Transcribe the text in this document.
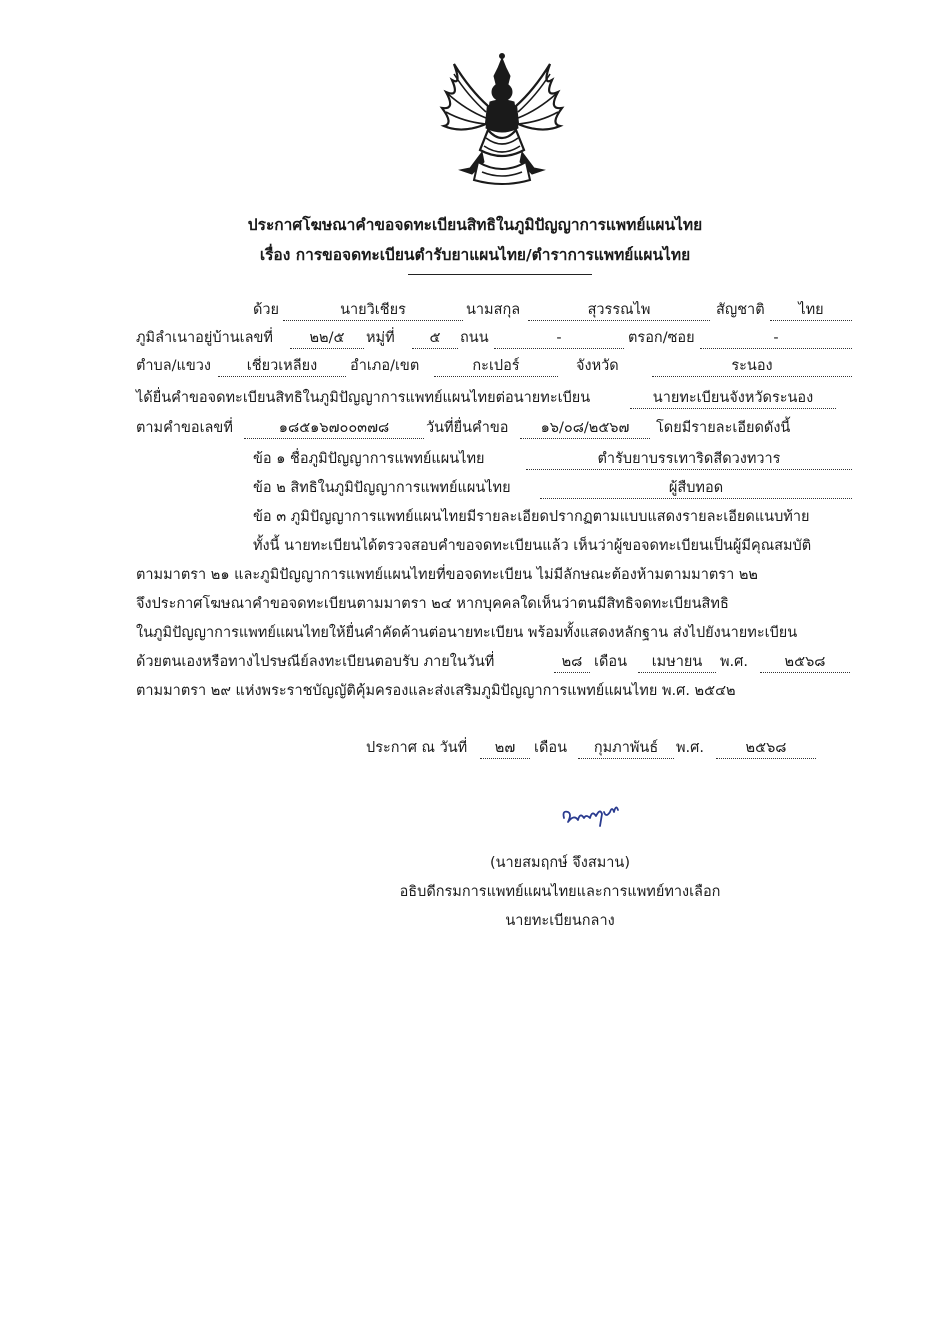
ประกาศโฆษณาคำขอจดทะเบียนสิทธิในภูมิปัญญาการแพทย์แผนไทย
เรื่อง การขอจดทะเบียนตำรับยาแผนไทย/ตำราการแพทย์แผนไทย
ด้วย	นายวิเชียร	นามสกุล	สุวรรณไพ	สัญชาติ	ไทย
ภูมิลำเนาอยู่บ้านเลขที่	๒๒/๕	หมู่ที่	๕	ถนน	-	ตรอก/ซอย	-
ตำบล/แขวง	เชี่ยวเหลียง	อำเภอ/เขต	กะเปอร์	จังหวัด	ระนอง
ได้ยื่นคำขอจดทะเบียนสิทธิในภูมิปัญญาการแพทย์แผนไทยต่อนายทะเบียน	นายทะเบียนจังหวัดระนอง
ตามคำขอเลขที่	๑๘๕๑๖๗๐๐๓๗๘	วันที่ยื่นคำขอ	๑๖/๐๘/๒๕๖๗	โดยมีรายละเอียดดังนี้
ข้อ ๑ ชื่อภูมิปัญญาการแพทย์แผนไทย	ตำรับยาบรรเทาริดสีดวงทวาร
ข้อ ๒ สิทธิในภูมิปัญญาการแพทย์แผนไทย	ผู้สืบทอด
ข้อ ๓ ภูมิปัญญาการแพทย์แผนไทยมีรายละเอียดปรากฏตามแบบแสดงรายละเอียดแนบท้าย
ทั้งนี้ นายทะเบียนได้ตรวจสอบคำขอจดทะเบียนแล้ว เห็นว่าผู้ขอจดทะเบียนเป็นผู้มีคุณสมบัติ
ตามมาตรา ๒๑ และภูมิปัญญาการแพทย์แผนไทยที่ขอจดทะเบียน ไม่มีลักษณะต้องห้ามตามมาตรา ๒๒
จึงประกาศโฆษณาคำขอจดทะเบียนตามมาตรา ๒๔ หากบุคคลใดเห็นว่าตนมีสิทธิจดทะเบียนสิทธิ
ในภูมิปัญญาการแพทย์แผนไทยให้ยื่นคำคัดค้านต่อนายทะเบียน พร้อมทั้งแสดงหลักฐาน ส่งไปยังนายทะเบียน
ด้วยตนเองหรือทางไปรษณีย์ลงทะเบียนตอบรับ ภายในวันที่	๒๘ เดือน	เมษายน	พ.ศ.	๒๕๖๘
ตามมาตรา ๒๙ แห่งพระราชบัญญัติคุ้มครองและส่งเสริมภูมิปัญญาการแพทย์แผนไทย พ.ศ. ๒๕๔๒
ประกาศ ณ วันที่	๒๗	เดือน	กุมภาพันธ์	พ.ศ.	๒๕๖๘
(นายสมฤกษ์ จึงสมาน)
อธิบดีกรมการแพทย์แผนไทยและการแพทย์ทางเลือก
นายทะเบียนกลาง
